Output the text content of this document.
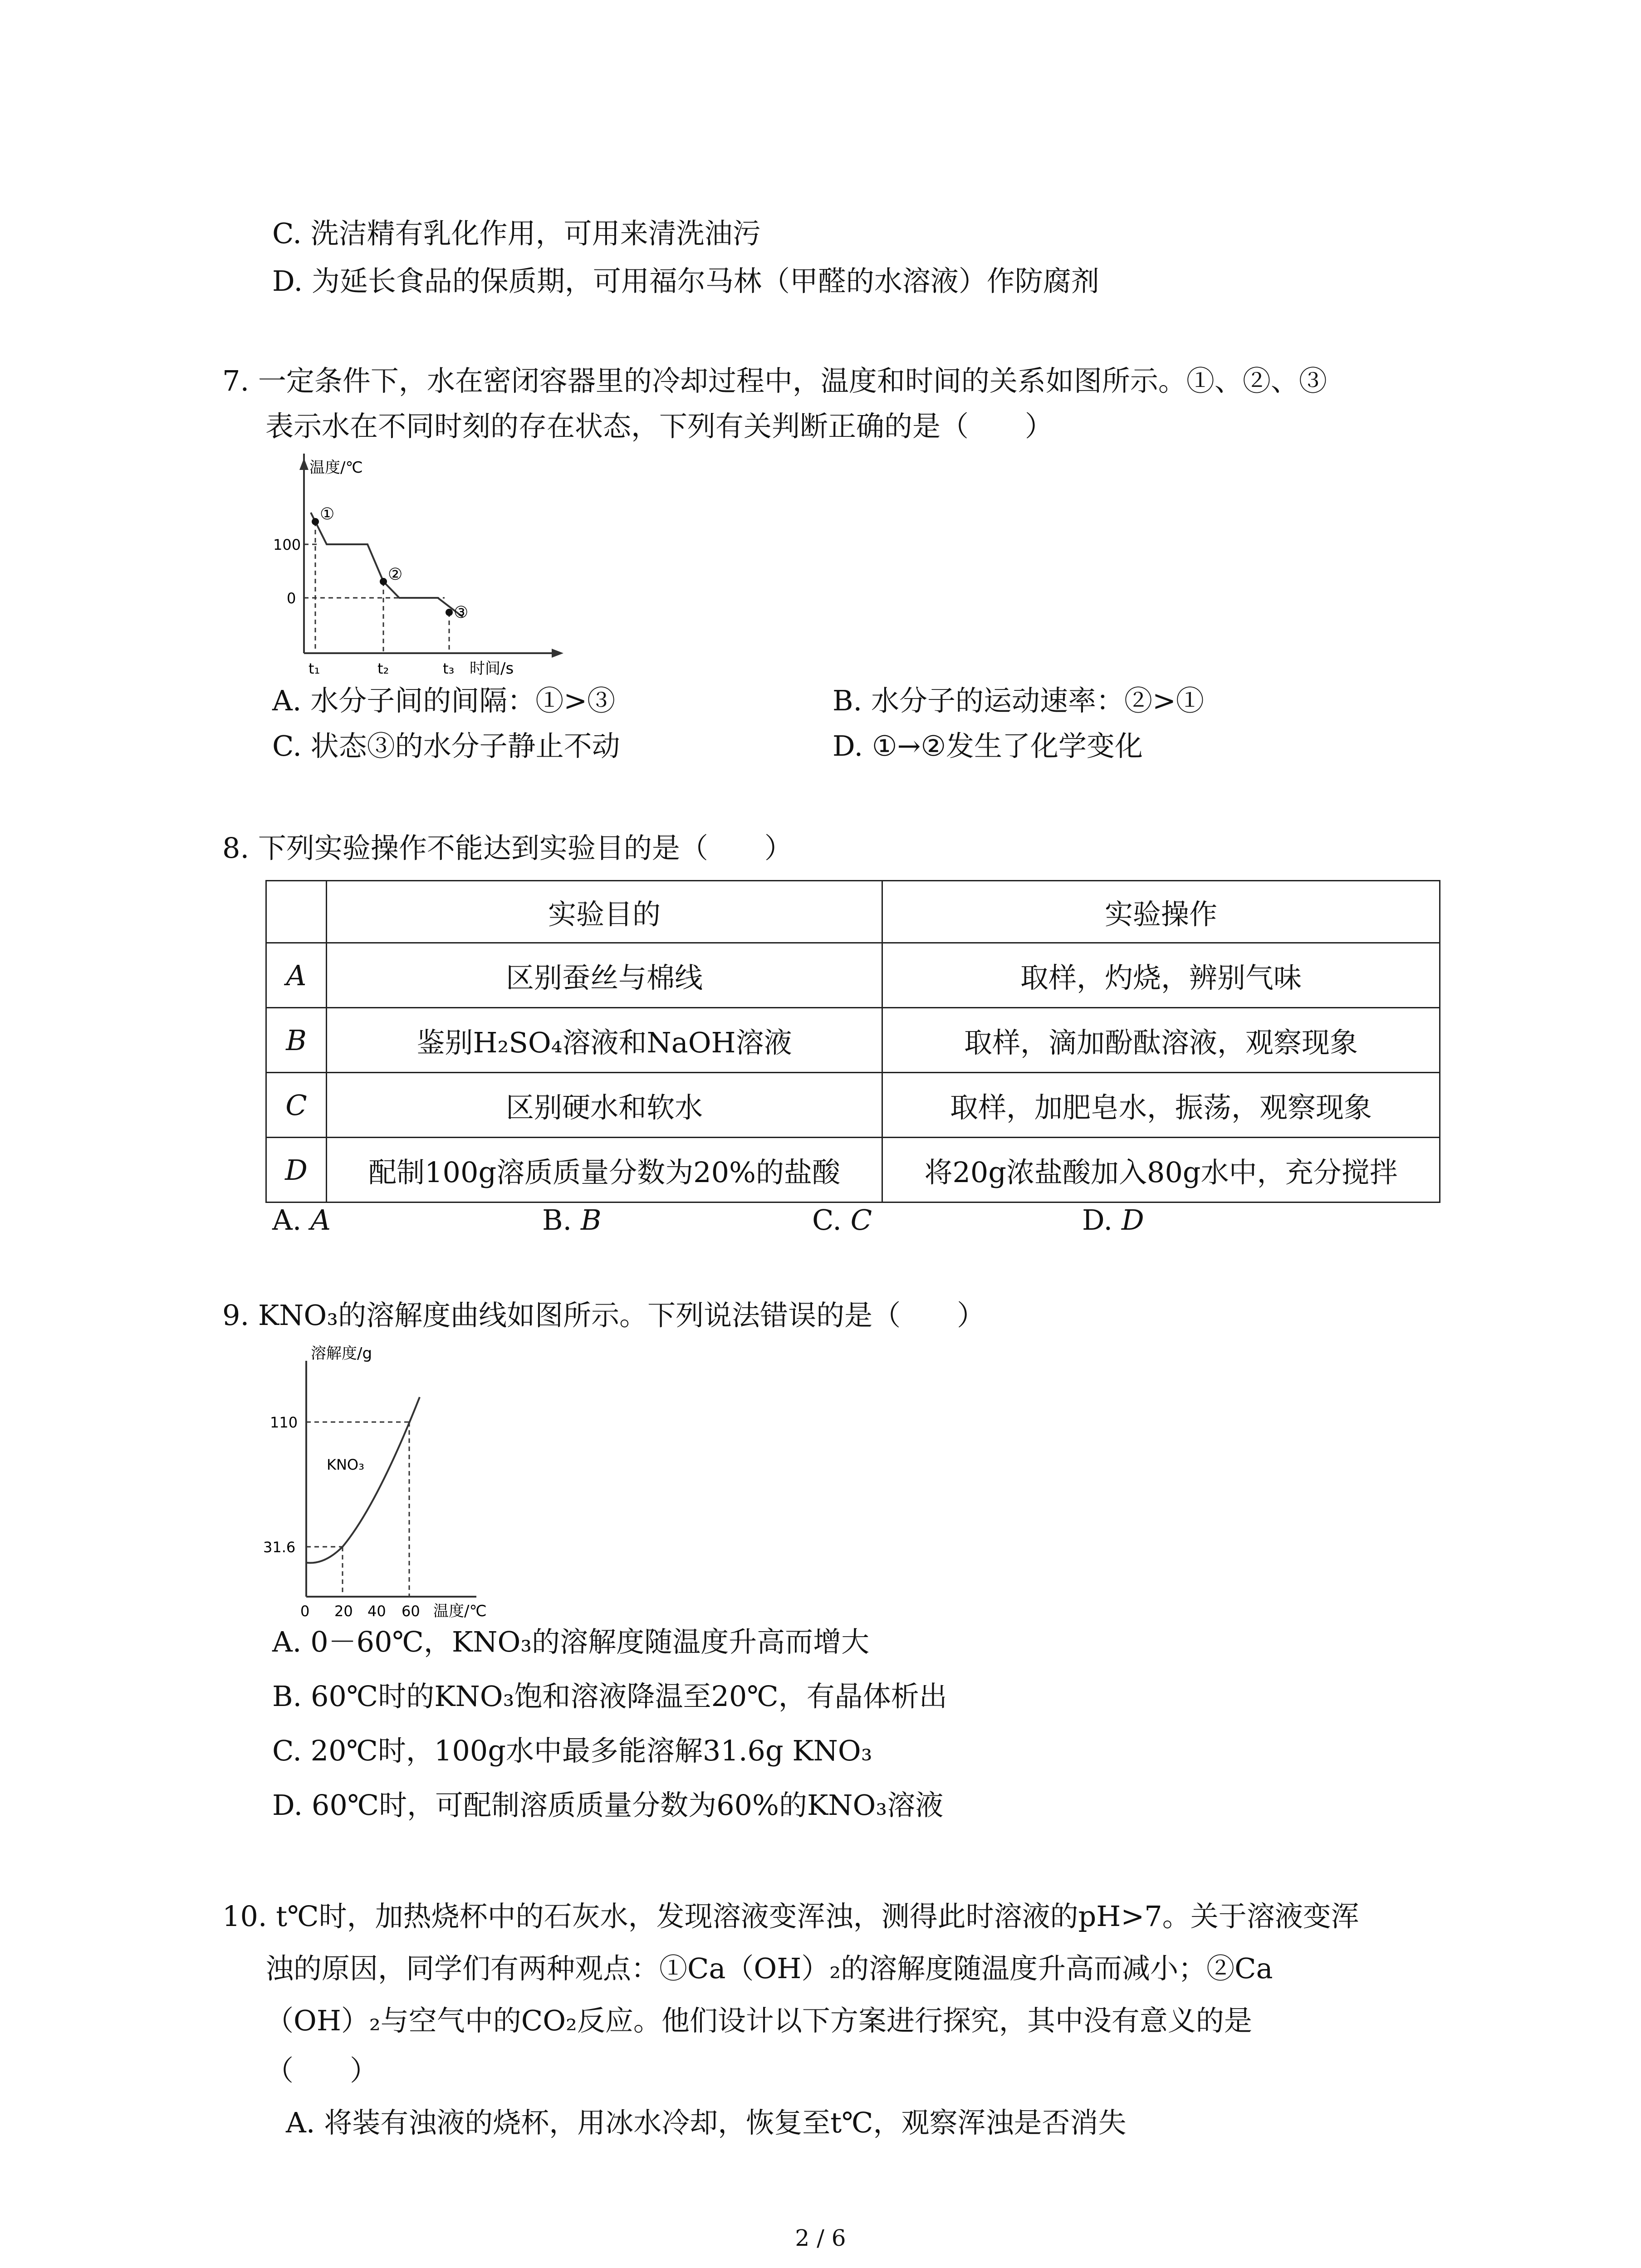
C. 洗洁精有乳化作用，可用来清洗油污
D. 为延长食品的保质期，可用福尔马林（甲醛的水溶液）作防腐剂
7. 一定条件下，水在密闭容器里的冷却过程中，温度和时间的关系如图所示。①、②、③
表示水在不同时刻的存在状态，下列有关判断正确的是（　　）
温度/℃
100
0
①
②
③
t₁	t₂	t₃ 时间/s
A. 水分子间的间隔：①>③	B. 水分子的运动速率：②>①
C. 状态③的水分子静止不动	D. ①→②发生了化学变化
8. 下列实验操作不能达到实验目的是（　　）
	实验目的	实验操作
A	区别蚕丝与棉线	取样，灼烧，辨别气味
B	鉴别H₂SO₄溶液和NaOH溶液	取样，滴加酚酞溶液，观察现象
C	区别硬水和软水	取样，加肥皂水，振荡，观察现象
D	配制100g溶质质量分数为20%的盐酸	将20g浓盐酸加入80g水中，充分搅拌
A. A	B. B	C. C	D. D
9. KNO₃的溶解度曲线如图所示。下列说法错误的是（　　）
溶解度/g
110
31.6
KNO₃
0 20 40 60 温度/℃
A. 0－60℃，KNO₃的溶解度随温度升高而增大
B. 60℃时的KNO₃饱和溶液降温至20℃，有晶体析出
C. 20℃时，100g水中最多能溶解31.6g KNO₃
D. 60℃时，可配制溶质质量分数为60%的KNO₃溶液
10. t℃时，加热烧杯中的石灰水，发现溶液变浑浊，测得此时溶液的pH>7。关于溶液变浑
浊的原因，同学们有两种观点：①Ca（OH）₂的溶解度随温度升高而减小；②Ca
（OH）₂与空气中的CO₂反应。他们设计以下方案进行探究，其中没有意义的是
（　　）
A. 将装有浊液的烧杯，用冰水冷却，恢复至t℃，观察浑浊是否消失
2 / 6
